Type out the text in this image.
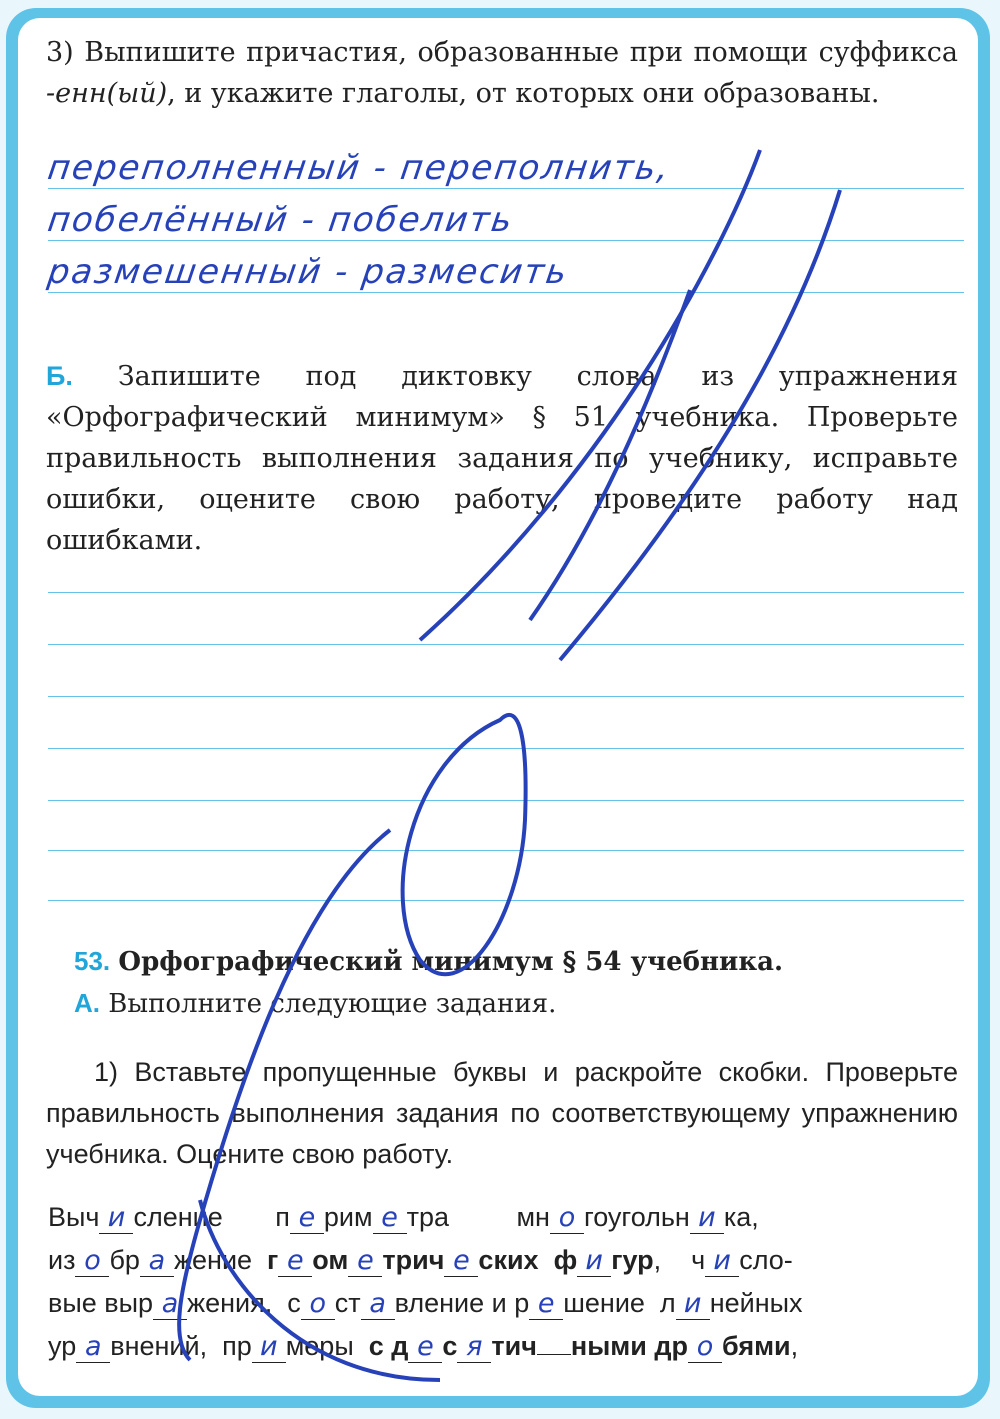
3) Выпишите причастия, образованные при помощи суффикса -енн(ый), и укажите глаголы, от которых они образованы.
переполненный - переполнить,
побелённый - побелить
размешенный - размесить
Б. Запишите под диктовку слова из упражнения «Орфографический минимум» § 51 учебника. Проверьте правильность выполнения задания по учебнику, исправьте ошибки, оцените свою работу, проведите работу над ошибками.
53. Орфографический минимум § 54 учебника.
А. Выполните следующие задания.
1) Вставьте пропущенные буквы и раскройте скобки. Проверьте правильность выполнения задания по соответствующему упражнению учебника. Оцените свою работу.
Выч и сление       п е рим е тра         мн о гоугольн и ка,
из о бр а жение  г е ом е трич е ских  ф и гур,    ч и сло-
вые выр а жения,  с о ст а вление и р е шение  л и нейных
ур а внений,  пр и меры  с д е с я тич ными др о бями,
